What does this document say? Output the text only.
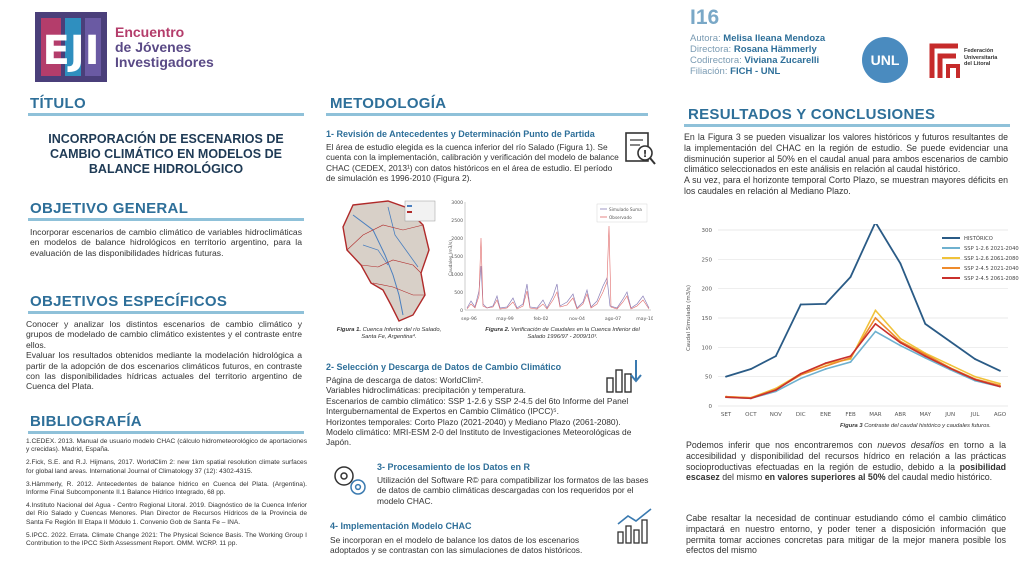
EJI Encuentro
de Jóvenes
Investigadores
I16
Autora: Melisa Ileana Mendoza
Directora: Rosana Hämmerly
Codirectora: Viviana Zucarelli
Filiación: FICH - UNL
UNL
Federación
Universitaria
del Litoral
TÍTULO
INCORPORACIÓN DE ESCENARIOS DE CAMBIO CLIMÁTICO EN MODELOS DE BALANCE HIDROLÓGICO
OBJETIVO GENERAL
Incorporar escenarios de cambio climático de variables hidroclimáticas en modelos de balance hidrológicos en territorio argentino, para la evaluación de las disponibilidades hídricas futuras.
OBJETIVOS ESPECÍFICOS
Conocer y analizar los distintos escenarios de cambio climático y grupos de modelado de cambio climático existentes y el contraste entre ellos.
Evaluar los resultados obtenidos mediante la modelación hidrológica a partir de la adopción de dos escenarios climáticos futuros, en contraste con las disponibilidades hídricas actuales del territorio argentino de Cuenca del Plata.
BIBLIOGRAFÍA

1.CEDEX. 2013. Manual de usuario modelo CHAC (cálculo hidrometeorológico de aportaciones y crecidas). Madrid, España.

2.Fick, S.E. and R.J. Hijmans, 2017. WorldClim 2: new 1km spatial resolution climate surfaces for global land areas. International Journal of Climatology 37 (12): 4302-4315.

3.Hämmerly, R. 2012. Antecedentes de balance hídrico en Cuenca del Plata. (Argentina). Informe Final Subcomponente II.1 Balance Hídrico Integrado, 68 pp.

4.Instituto Nacional del Agua - Centro Regional Litoral. 2019. Diagnóstico de la Cuenca Inferior del Río Salado y Cuencas Menores. Plan Director de Recursos Hídricos de la Provincia de Santa Fe Región III Etapa II Módulo 1. Convenio Gob de Santa Fe – INA.

5.IPCC. 2022. Errata. Climate Change 2021: The Physical Science Basis. The Working Group I Contribution to the IPCC Sixth Assessment Report. OMM. WCRP. 11 pp.

METODOLOGÍA
1- Revisión de Antecedentes y Determinación Punto de Partida
El área de estudio elegida es la cuenca inferior del río Salado (Figura 1). Se cuenta con la implementación, calibración y verificación del modelo de balance CHAC (CEDEX, 2013¹) con datos históricos en el área de estudio. El período de simulación es 1996-2010 (Figura 2).
!
Figura 1. Cuenca Inferior del río Salado, Santa Fe, Argentina⁴.
3000
2500
2000
1500
1000
500
0
Caudales (m3/s)
Simulado Suma
Observado
sep-96	may-99	feb-02	nov-04	ago-07	may-10
Figura 2. Verificación de Caudales en la Cuenca Inferior del Salado 1996/97 - 2009/10³.
2- Selección y Descarga de Datos de Cambio Climático
Página de descarga de datos: WorldClim².
Variables hidroclimáticas: precipitación y temperatura.
Escenarios de cambio climático: SSP 1-2.6 y SSP 2-4.5 del 6to Informe del Panel Intergubernamental de Expertos en Cambio Climático (IPCC)⁵.
Horizontes temporales: Corto Plazo (2021-2040) y Mediano Plazo (2061-2080).
Modelo climático: MRI-ESM 2-0 del Instituto de Investigaciones Meteorológicas de Japón.
3- Procesamiento de los Datos en R
Utilización del Software R© para compatibilizar los formatos de las bases de datos de cambio climáticas descargadas con los requeridos por el modelo CHAC.
4- Implementación Modelo CHAC
Se incorporan en el modelo de balance los datos de los escenarios adoptados y se contrastan con las simulaciones de datos históricos.
RESULTADOS Y CONCLUSIONES
En la Figura 3 se pueden visualizar los valores históricos y futuros resultantes de la implementación del CHAC en la región de estudio. Se puede evidenciar una disminución superior al 50% en el caudal anual para ambos escenarios de cambio climático seleccionados en este análisis en relación al caudal histórico.
A su vez, para el horizonte temporal Corto Plazo, se muestran mayores déficits en los caudales en relación al Mediano Plazo.
0
50
100
150
200
250
300
SET	OCT NOV	DIC	ENE	FEB MAR ABR MAY	JUN	JUL	AGO
Caudal Simulado (m3/s)
HISTÓRICO
SSP 1-2.6 2021-2040
SSP 1-2.6 2061-2080
SSP 2-4.5 2021-2040
SSP 2-4.5 2061-2080
Figura 3 Contraste del caudal histórico y caudales futuros.
Podemos inferir que nos encontraremos con nuevos desafíos en torno a la accesibilidad y disponibilidad del recursos hídrico en relación a las prácticas socioproductivas efectuadas en la región de estudio, debido a la posibilidad escasez del mismo en valores superiores al 50% del caudal medio histórico.
Cabe resaltar la necesidad de continuar estudiando cómo el cambio climático impactará en nuestro entorno, y poder tener a disposición información que permita tomar acciones concretas para mitigar de la mejor manera posible los efectos del mismo
